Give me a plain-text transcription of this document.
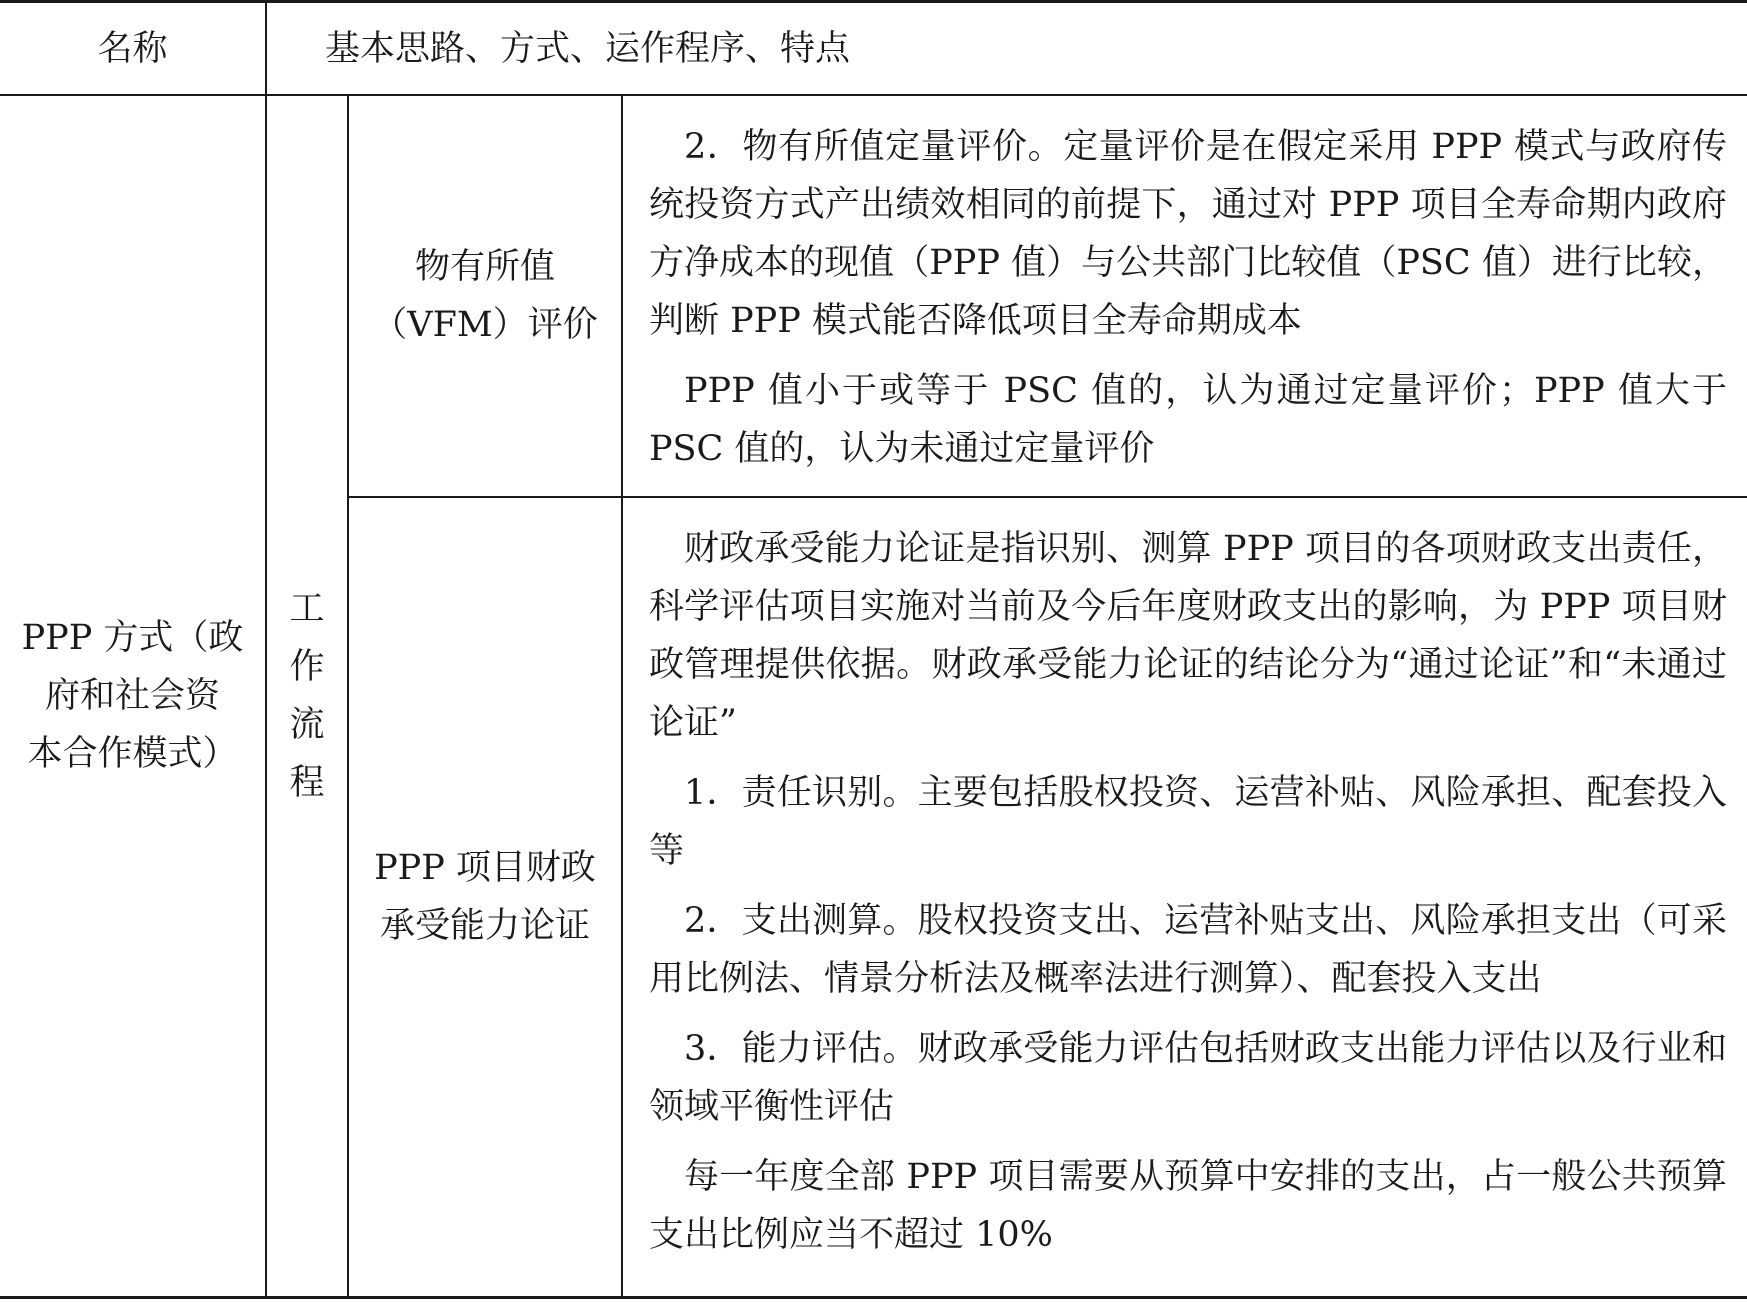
名称	基本思路、方式、运作程序、特点
PPP 方式（政
府和社会资
本合作模式）
工
作
流
程
物有所值
（VFM）评价

2．物有所值定量评价。定量评价是在假定采用 PPP 模式与政府传统投资方式产出绩效相同的前提下，通过对 PPP 项目全寿命期内政府方净成本的现值（PPP 值）与公共部门比较值（PSC 值）进行比较，判断 PPP 模式能否降低项目全寿命期成本

PPP 值小于或等于 PSC 值的，认为通过定量评价；PPP 值大于 PSC 值的，认为未通过定量评价

PPP 项目财政
承受能力论证

财政承受能力论证是指识别、测算 PPP 项目的各项财政支出责任，科学评估项目实施对当前及今后年度财政支出的影响，为 PPP 项目财政管理提供依据。财政承受能力论证的结论分为“通过论证”和“未通过论证”

1．责任识别。主要包括股权投资、运营补贴、风险承担、配套投入等

2．支出测算。股权投资支出、运营补贴支出、风险承担支出（可采用比例法、情景分析法及概率法进行测算）、配套投入支出

3．能力评估。财政承受能力评估包括财政支出能力评估以及行业和领域平衡性评估

每一年度全部 PPP 项目需要从预算中安排的支出，占一般公共预算支出比例应当不超过 10%
